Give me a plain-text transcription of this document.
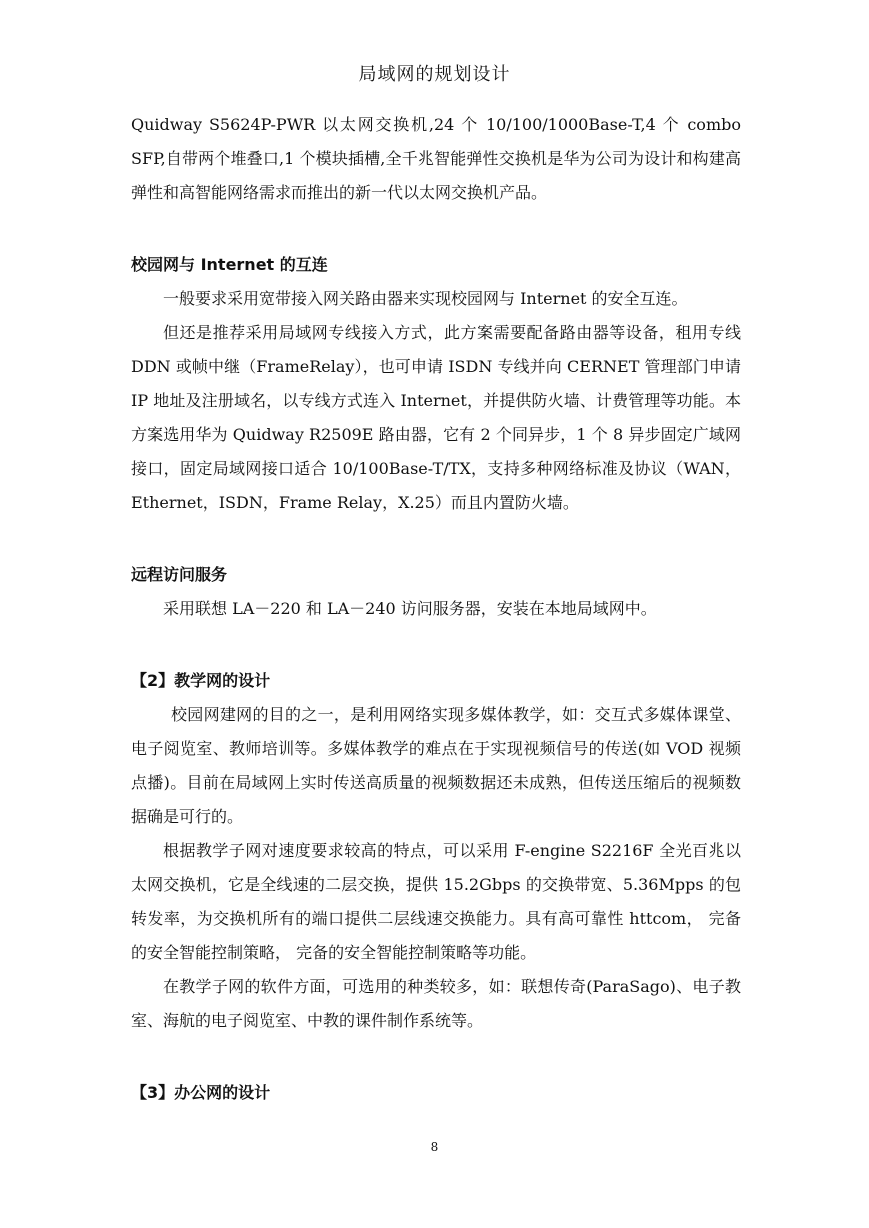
局域网的规划设计

Quidway S5624P-PWR 以太网交换机,24 个 10/100/1000Base-T,4 个 combo SFP,自带两个堆叠口,1 个模块插槽,全千兆智能弹性交换机是华为公司为设计和构建高弹性和高智能网络需求而推出的新一代以太网交换机产品。

校园网与 Internet 的互连

一般要求采用宽带接入网关路由器来实现校园网与 Internet 的安全互连。

但还是推荐采用局域网专线接入方式，此方案需要配备路由器等设备，租用专线 DDN 或帧中继（FrameRelay），也可申请 ISDN 专线并向 CERNET 管理部门申请 IP 地址及注册域名，以专线方式连入 Internet，并提供防火墙、计费管理等功能。本方案选用华为 Quidway R2509E 路由器，它有 2 个同异步，1 个 8 异步固定广域网接口，固定局域网接口适合 10/100Base-T/TX，支持多种网络标准及协议（WAN，Ethernet，ISDN，Frame Relay，X.25）而且内置防火墙。

远程访问服务

采用联想 LA－220 和 LA－240 访问服务器，安装在本地局域网中。

【2】教学网的设计

校园网建网的目的之一，是利用网络实现多媒体教学，如：交互式多媒体课堂、电子阅览室、教师培训等。多媒体教学的难点在于实现视频信号的传送(如 VOD 视频点播)。目前在局域网上实时传送高质量的视频数据还未成熟，但传送压缩后的视频数据确是可行的。

根据教学子网对速度要求较高的特点，可以采用 F-engine S2216F 全光百兆以太网交换机，它是全线速的二层交换，提供 15.2Gbps 的交换带宽、5.36Mpps 的包转发率，为交换机所有的端口提供二层线速交换能力。具有高可靠性 httcom， 完备的安全智能控制策略， 完备的安全智能控制策略等功能。

在教学子网的软件方面，可选用的种类较多，如：联想传奇(ParaSago)、电子教室、海航的电子阅览室、中教的课件制作系统等。

【3】办公网的设计
8
